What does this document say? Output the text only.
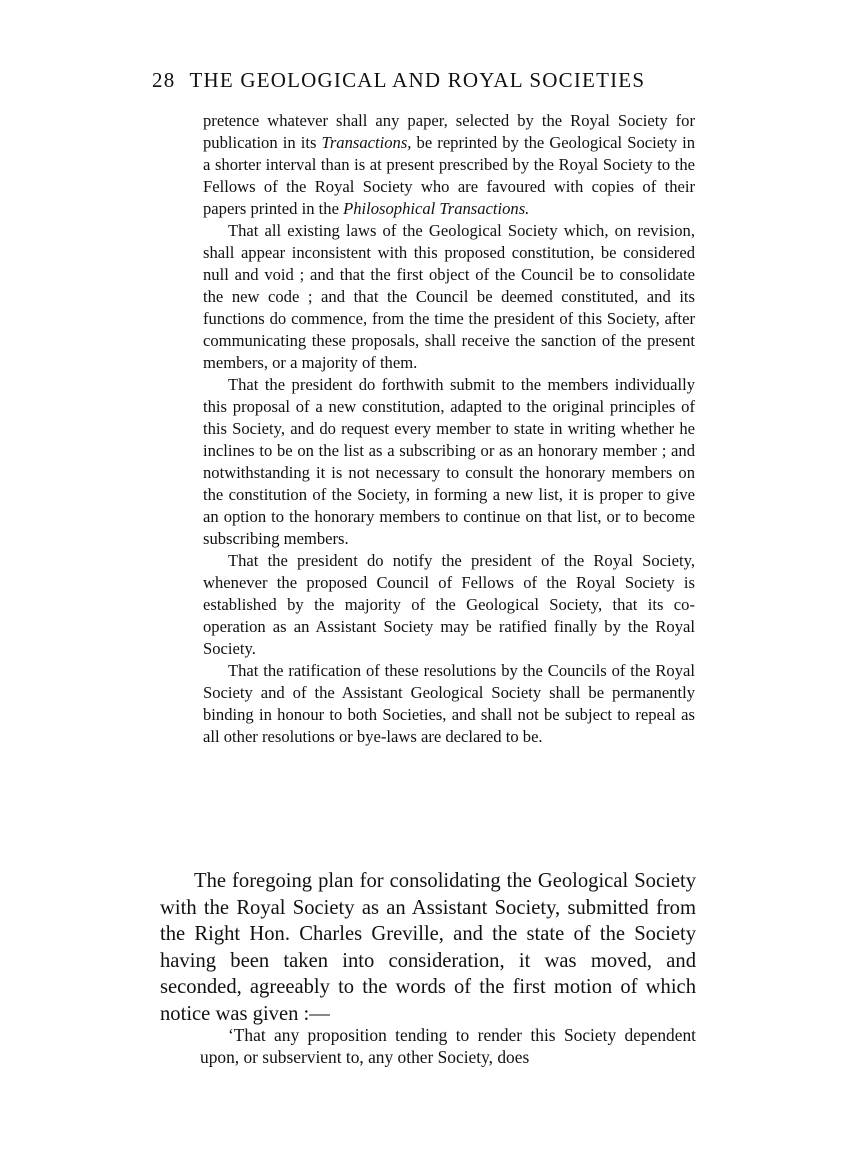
28 THE GEOLOGICAL AND ROYAL SOCIETIES

pretence whatever shall any paper, selected by the Royal Society for publication in its Transactions, be reprinted by the Geological Society in a shorter interval than is at present prescribed by the Royal Society to the Fellows of the Royal Society who are favoured with copies of their papers printed in the Philosophical Transactions.

That all existing laws of the Geological Society which, on revision, shall appear inconsistent with this proposed constitution, be considered null and void ; and that the first object of the Council be to consolidate the new code ; and that the Council be deemed constituted, and its functions do commence, from the time the president of this Society, after communicating these proposals, shall receive the sanction of the present members, or a majority of them.

That the president do forthwith submit to the members individually this proposal of a new constitution, adapted to the original principles of this Society, and do request every member to state in writing whether he inclines to be on the list as a subscribing or as an honorary member ; and notwithstanding it is not necessary to consult the honorary members on the constitution of the Society, in forming a new list, it is proper to give an option to the honorary members to continue on that list, or to become subscribing members.

That the president do notify the president of the Royal Society, whenever the proposed Council of Fellows of the Royal Society is established by the majority of the Geological Society, that its co-operation as an Assistant Society may be ratified finally by the Royal Society.

That the ratification of these resolutions by the Councils of the Royal Society and of the Assistant Geological Society shall be permanently binding in honour to both Societies, and shall not be subject to repeal as all other resolutions or bye-laws are declared to be.

The foregoing plan for consolidating the Geological Society with the Royal Society as an Assistant Society, submitted from the Right Hon. Charles Greville, and the state of the Society having been taken into consideration, it was moved, and seconded, agreeably to the words of the first motion of which notice was given :—

‘That any proposition tending to render this Society dependent upon, or subservient to, any other Society, does
